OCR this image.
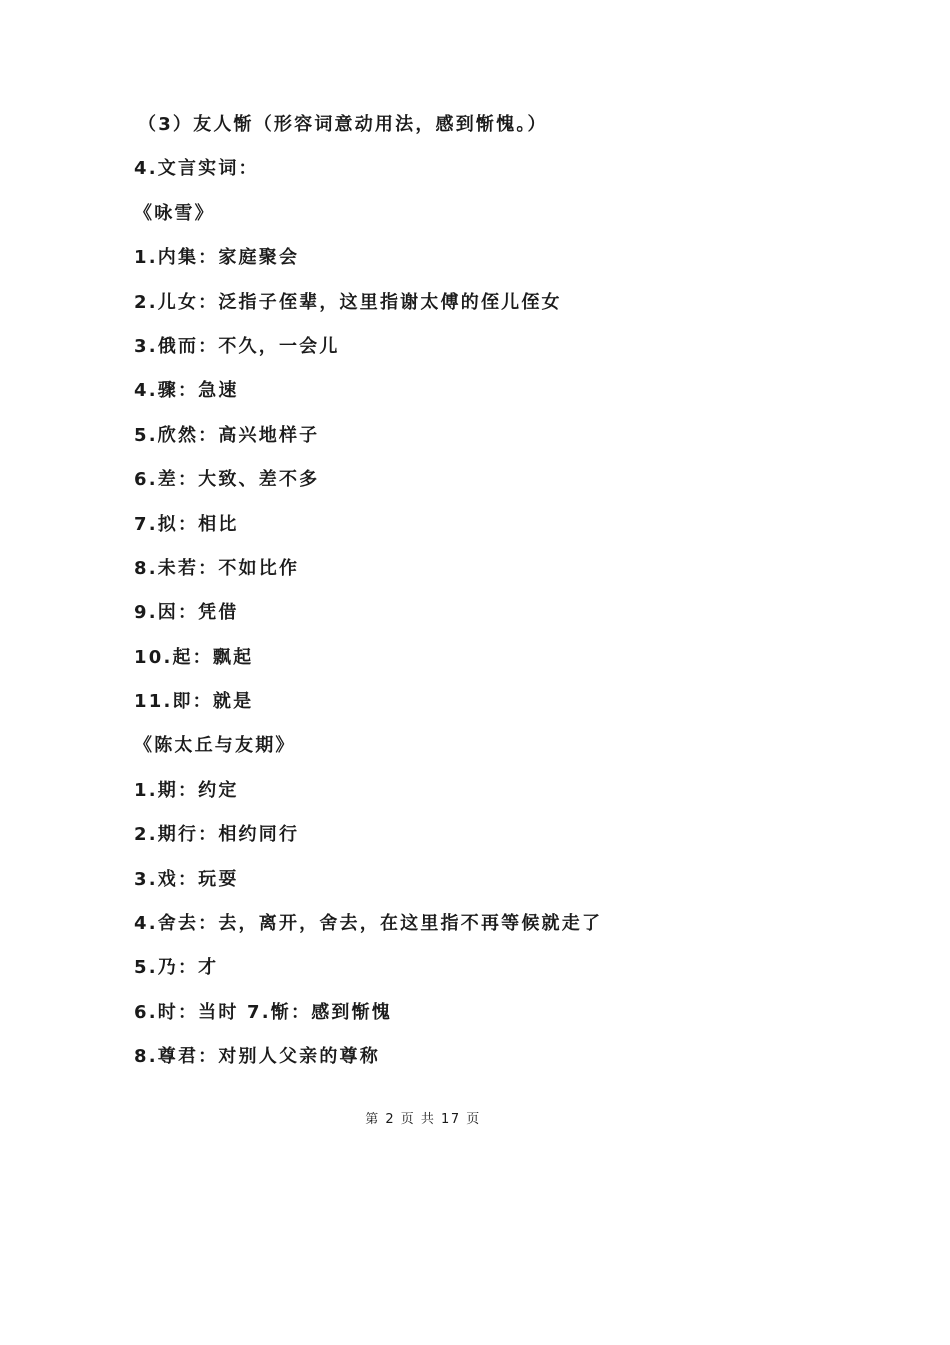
（3）友人惭（形容词意动用法，感到惭愧。）
4.文言实词：
《咏雪》
1.内集：家庭聚会
2.儿女：泛指子侄辈，这里指谢太傅的侄儿侄女
3.俄而：不久，一会儿
4.骤：急速
5.欣然：高兴地样子
6.差：大致、差不多
7.拟：相比
8.未若：不如比作
9.因：凭借
10.起：飘起
11.即：就是
《陈太丘与友期》
1.期：约定
2.期行：相约同行
3.戏：玩耍
4.舍去：去，离开，舍去，在这里指不再等候就走了
5.乃：才
6.时：当时 7.惭：感到惭愧
8.尊君：对别人父亲的尊称
第 2 页 共 17 页
